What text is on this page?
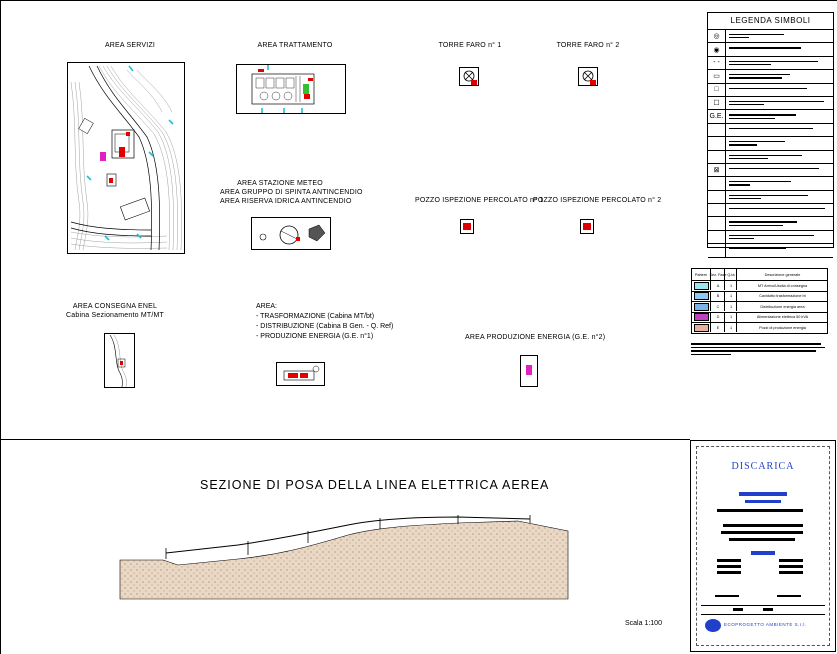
AREA SERVIZI	AREA TRATTAMENTO	TORRE FARO n° 1	TORRE FARO n° 2
AREA STAZIONE METEO
AREA GRUPPO DI SPINTA ANTINCENDIO
AREA RISERVA IDRICA ANTINCENDIO	POZZO ISPEZIONE PERCOLATO n° 1
POZZO ISPEZIONE PERCOLATO n° 2
AREA CONSEGNA ENEL
Cabina Sezionamento MT/MT
AREA:
- TRASFORMAZIONE (Cabina MT/bt)
- DISTRIBUZIONE (Cabina B Gen. - Q. Ref)
- PRODUZIONE ENERGIA (G.E. n°1)	AREA PRODUZIONE ENERGIA (G.E. n°2)
LEGENDA SIMBOLI
◎
◉
- -
▭
□
☐
G.E.
⊠
Pattern Sez. Fase Q.tà	Descrizione generale
A	1	MT Arrivo/Uscita di consegna
B	1	Cavidotto trasformazione bt
C	1	Distribuzione energia area
D	1	Alimentazione elettrica 50 kVA
E	1	Pozzi di produzione energia
SEZIONE DI POSA DELLA LINEA ELETTRICA AEREA
Scala 1:100
DISCARICA
ECOPROGETTO AMBIENTE S.r.l.
